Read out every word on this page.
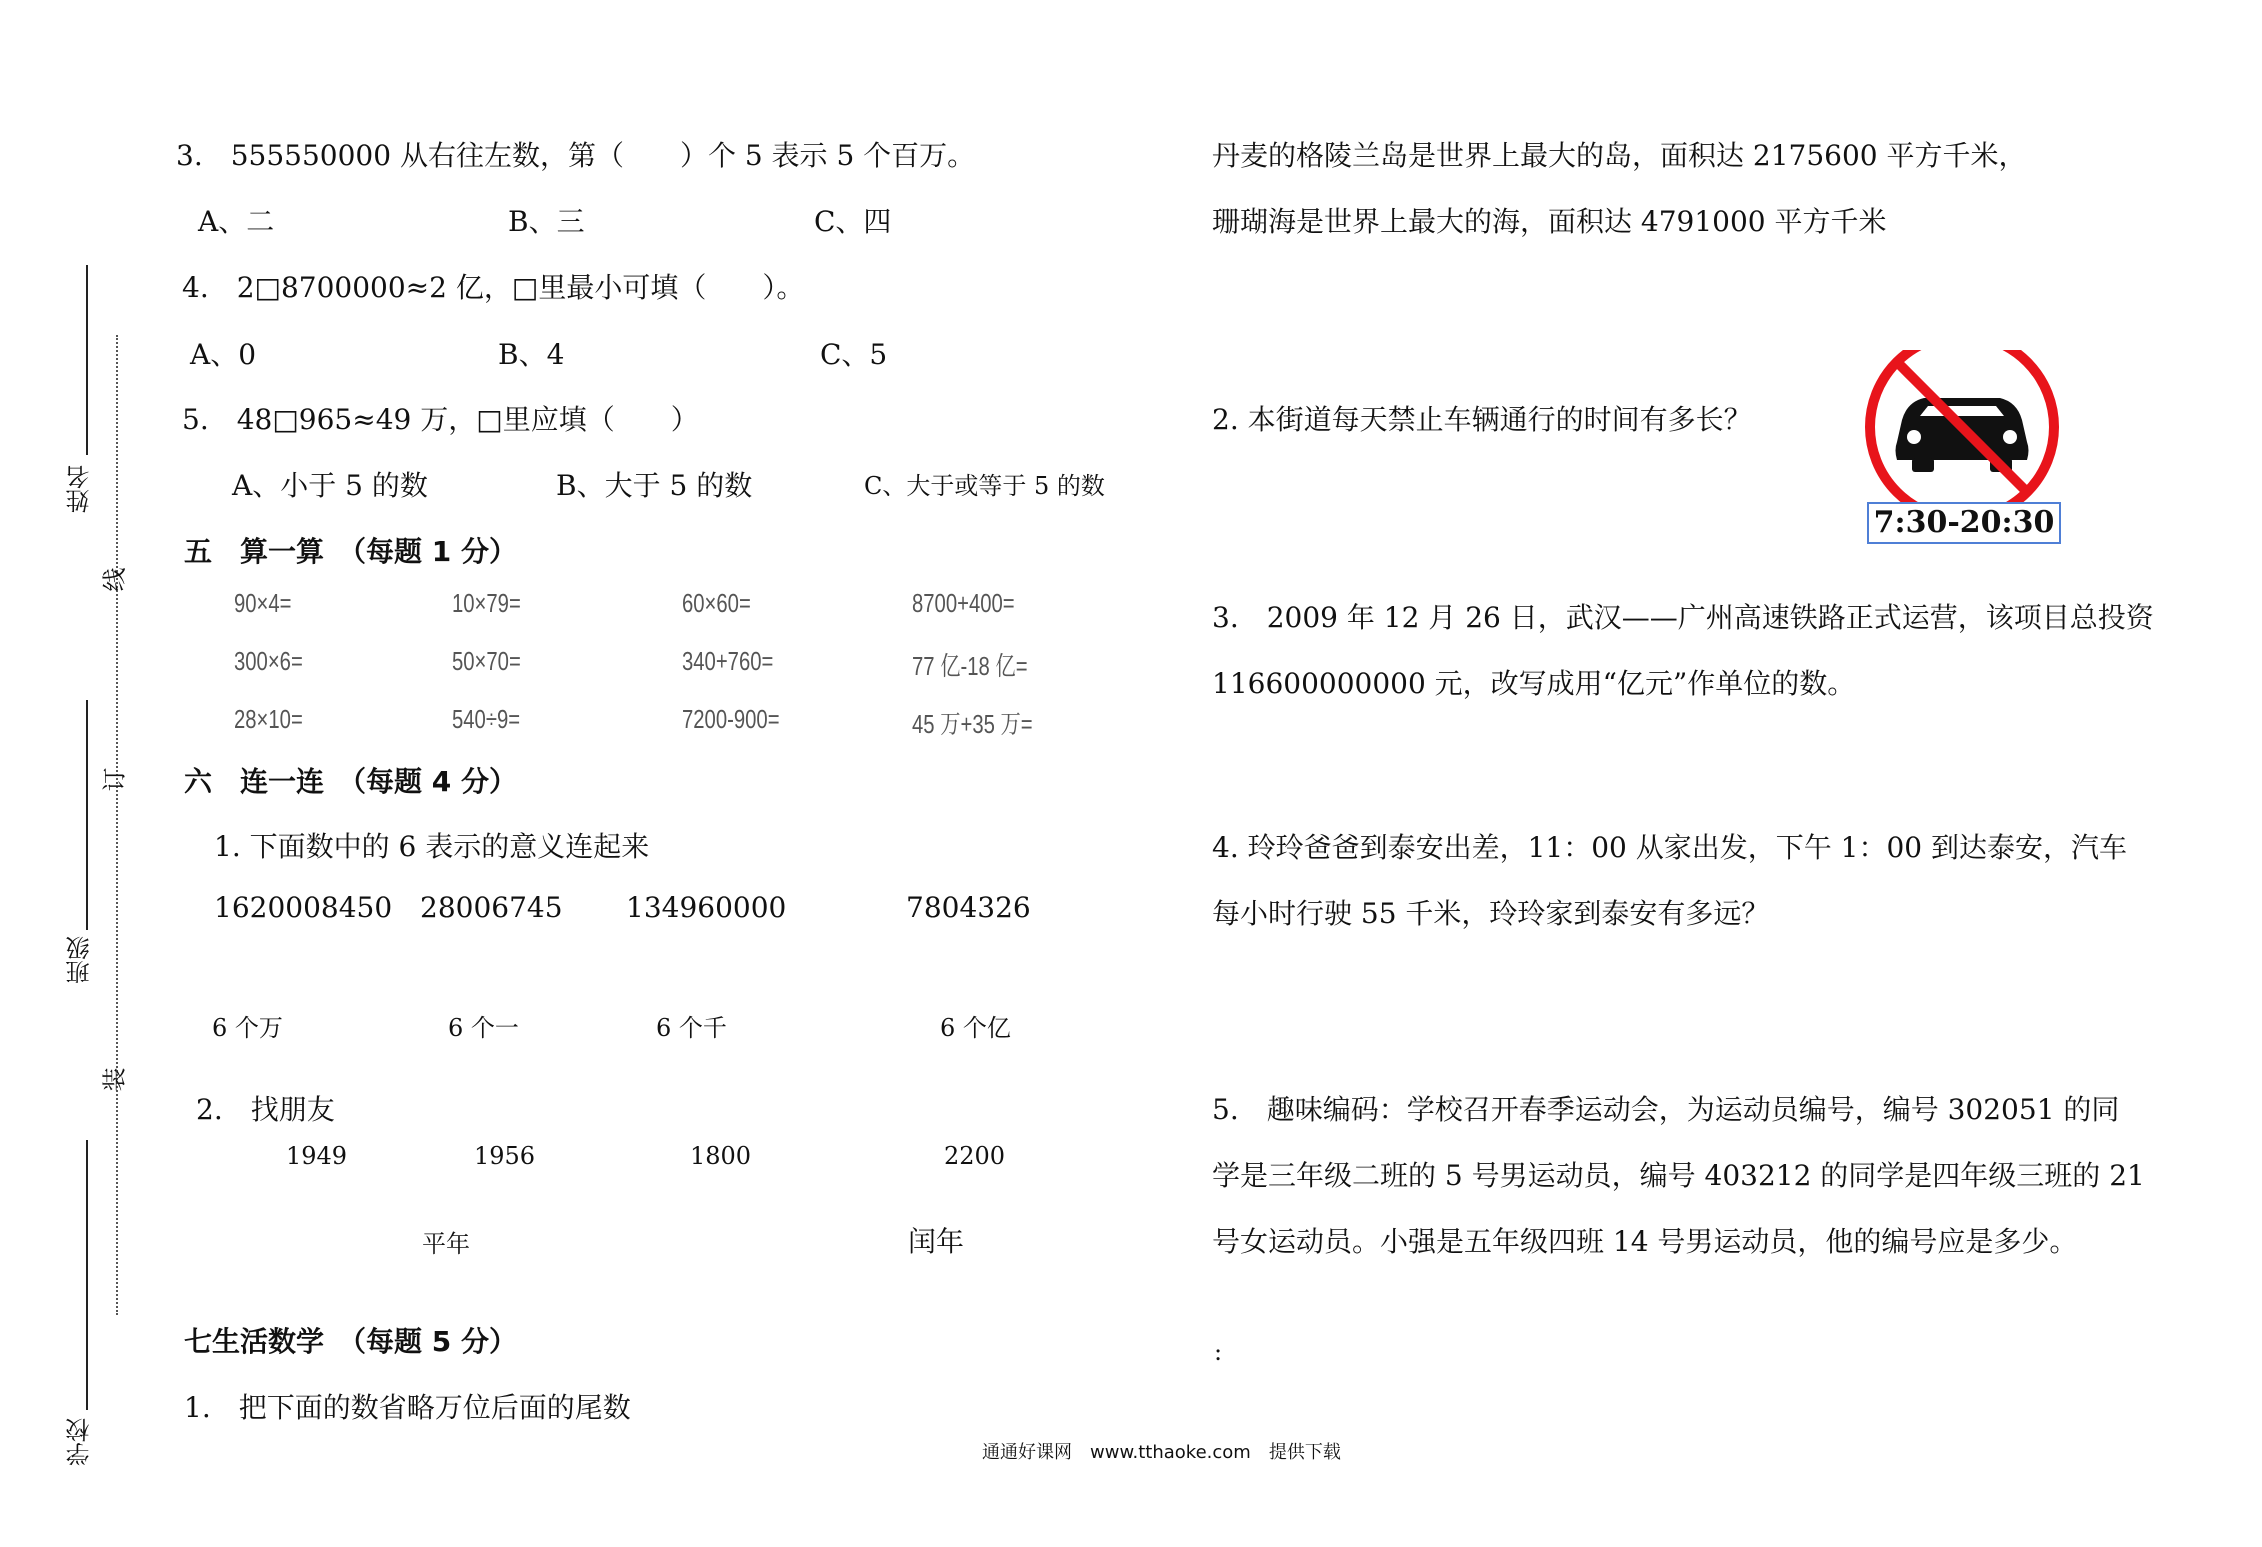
姓名
线
订
装
班级
学校
3.　555550000 从右往左数，第（　　）个 5 表示 5 个百万。
A、二	B、三	C、四
4.　2□8700000≈2 亿，□里最小可填（　　）。
A、0	B、4	C、5
5.　48□965≈49 万，□里应填（　　）
A、小于 5 的数	B、大于 5 的数	C、大于或等于 5 的数
五　算一算　（每题 1 分）
90×4=	10×79=	60×60=	8700+400=
300×6=	50×70=	340+760=	77 亿-18 亿=
28×10=	540÷9=	7200-900=	45 万+35 万=
六　连一连　（每题 4 分）
1. 下面数中的 6 表示的意义连起来
1620008450 28006745 134960000	7804326
6 个万	6 个一	6 个千	6 个亿
2.　找朋友
1949	1956	1800	2200
平年	闰年
七生活数学　（每题 5 分）
1.　把下面的数省略万位后面的尾数
丹麦的格陵兰岛是世界上最大的岛，面积达 2175600 平方千米，
珊瑚海是世界上最大的海，面积达 4791000 平方千米
2. 本街道每天禁止车辆通行的时间有多长？
7:30-20:30
3.　2009 年 12 月 26 日，武汉——广州高速铁路正式运营，该项目总投资
116600000000 元，改写成用“亿元”作单位的数。
4. 玲玲爸爸到泰安出差，11：00 从家出发，下午 1：00 到达泰安，汽车
每小时行驶 55 千米，玲玲家到泰安有多远？
5.　趣味编码：学校召开春季运动会，为运动员编号，编号 302051 的同
学是三年级二班的 5 号男运动员，编号 403212 的同学是四年级三班的 21
号女运动员。小强是五年级四班 14 号男运动员，他的编号应是多少。
:
通通好课网　www.tthaoke.com　提供下载
